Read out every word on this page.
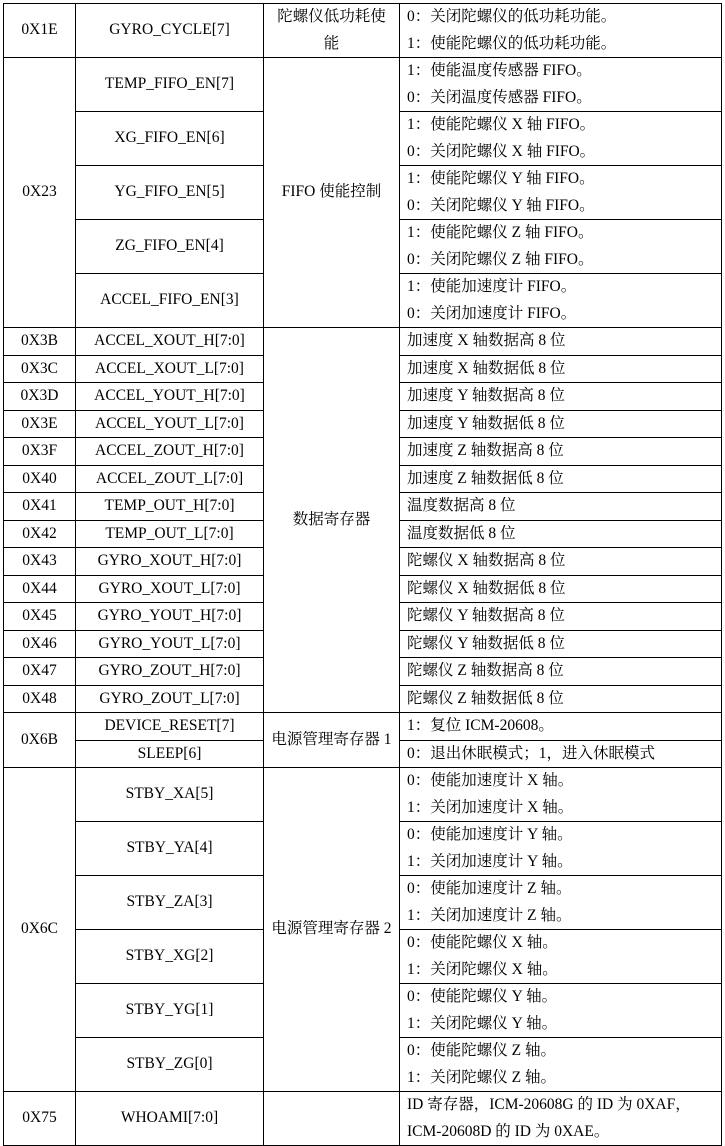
0X1E	GYRO_CYCLE[7]	陀螺仪低功耗使能	0：关闭陀螺仪的低功耗功能。
1：使能陀螺仪的低功耗功能。

0X23	TEMP_FIFO_EN[7]	FIFO 使能控制	1：使能温度传感器 FIFO。
0：关闭温度传感器 FIFO。

	XG_FIFO_EN[6]		1：使能陀螺仪 X 轴 FIFO。
0：关闭陀螺仪 X 轴 FIFO。

	YG_FIFO_EN[5]		1：使能陀螺仪 Y 轴 FIFO。
0：关闭陀螺仪 Y 轴 FIFO。

	ZG_FIFO_EN[4]		1：使能陀螺仪 Z 轴 FIFO。
0：关闭陀螺仪 Z 轴 FIFO。

	ACCEL_FIFO_EN[3]		1：使能加速度计 FIFO。
0：关闭加速度计 FIFO。

0X3B	ACCEL_XOUT_H[7:0]	数据寄存器	加速度 X 轴数据高 8 位

0X3C	ACCEL_XOUT_L[7:0]		加速度 X 轴数据低 8 位

0X3D	ACCEL_YOUT_H[7:0]		加速度 Y 轴数据高 8 位

0X3E	ACCEL_YOUT_L[7:0]		加速度 Y 轴数据低 8 位

0X3F	ACCEL_ZOUT_H[7:0]		加速度 Z 轴数据高 8 位

0X40	ACCEL_ZOUT_L[7:0]		加速度 Z 轴数据低 8 位

0X41	TEMP_OUT_H[7:0]		温度数据高 8 位

0X42	TEMP_OUT_L[7:0]		温度数据低 8 位

0X43	GYRO_XOUT_H[7:0]		陀螺仪 X 轴数据高 8 位

0X44	GYRO_XOUT_L[7:0]		陀螺仪 X 轴数据低 8 位

0X45	GYRO_YOUT_H[7:0]		陀螺仪 Y 轴数据高 8 位

0X46	GYRO_YOUT_L[7:0]		陀螺仪 Y 轴数据低 8 位

0X47	GYRO_ZOUT_H[7:0]		陀螺仪 Z 轴数据高 8 位

0X48	GYRO_ZOUT_L[7:0]		陀螺仪 Z 轴数据低 8 位

0X6B	DEVICE_RESET[7]	电源管理寄存器 1	1：复位 ICM-20608。

	SLEEP[6]		0：退出休眠模式；1，进入休眠模式

0X6C	STBY_XA[5]	电源管理寄存器 2	0：使能加速度计 X 轴。
1：关闭加速度计 X 轴。

	STBY_YA[4]		0：使能加速度计 Y 轴。
1：关闭加速度计 Y 轴。

	STBY_ZA[3]		0：使能加速度计 Z 轴。
1：关闭加速度计 Z 轴。

	STBY_XG[2]		0：使能陀螺仪 X 轴。
1：关闭陀螺仪 X 轴。

	STBY_YG[1]		0：使能陀螺仪 Y 轴。
1：关闭陀螺仪 Y 轴。

	STBY_ZG[0]		0：使能陀螺仪 Z 轴。
1：关闭陀螺仪 Z 轴。

0X75	WHOAMI[7:0]		ID 寄存器，ICM-20608G 的 ID 为 0XAF，
ICM-20608D 的 ID 为 0XAE。
